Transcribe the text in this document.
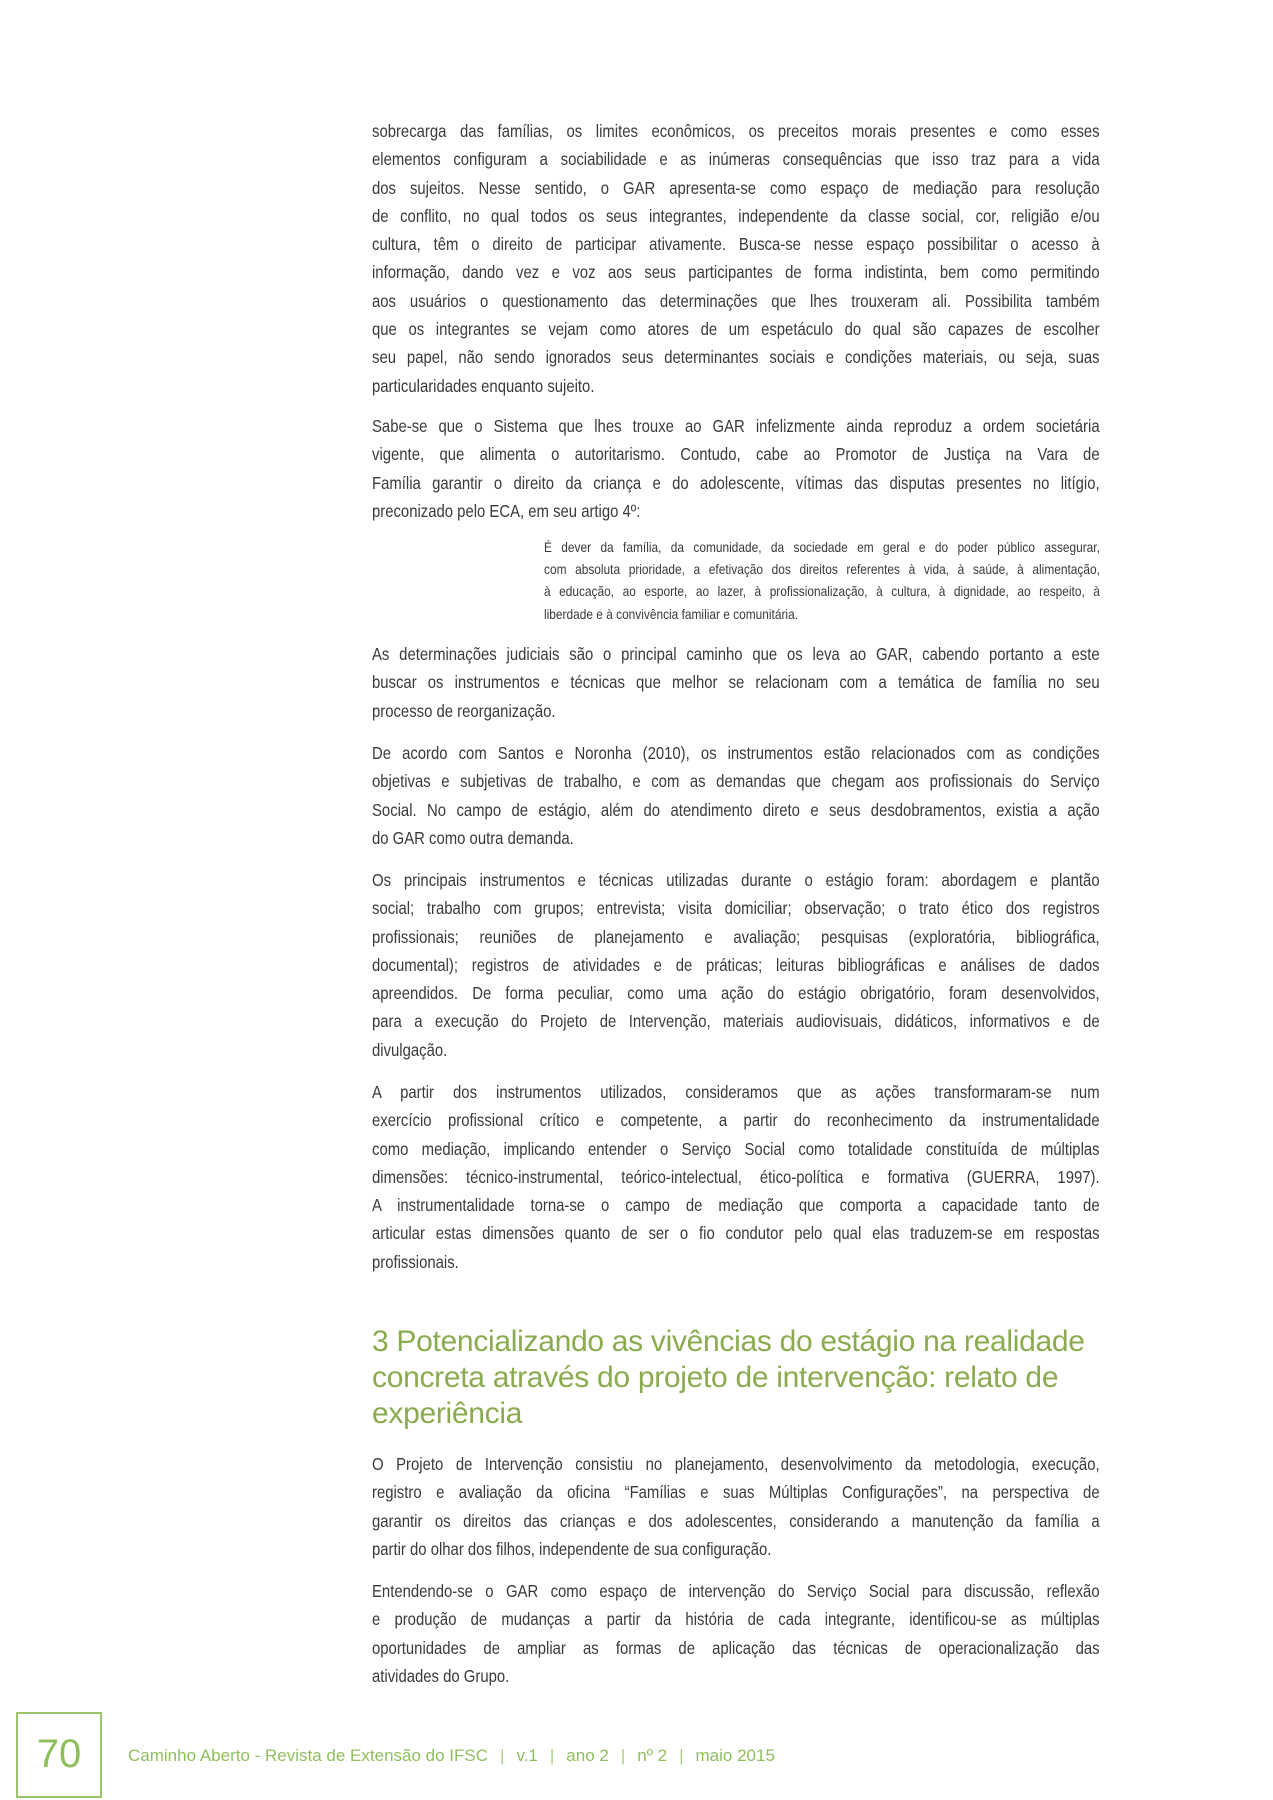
sobrecarga das famílias, os limites econômicos, os preceitos morais presentes e como esses
elementos configuram a sociabilidade e as inúmeras consequências que isso traz para a vida
dos sujeitos. Nesse sentido, o GAR apresenta-se como espaço de mediação para resolução
de conflito, no qual todos os seus integrantes, independente da classe social, cor, religião e/ou
cultura, têm o direito de participar ativamente. Busca-se nesse espaço possibilitar o acesso à
informação, dando vez e voz aos seus participantes de forma indistinta, bem como permitindo
aos usuários o questionamento das determinações que lhes trouxeram ali. Possibilita também
que os integrantes se vejam como atores de um espetáculo do qual são capazes de escolher
seu papel, não sendo ignorados seus determinantes sociais e condições materiais, ou seja, suas
particularidades enquanto sujeito.
Sabe-se que o Sistema que lhes trouxe ao GAR infelizmente ainda reproduz a ordem societária
vigente, que alimenta o autoritarismo. Contudo, cabe ao Promotor de Justiça na Vara de
Família garantir o direito da criança e do adolescente, vítimas das disputas presentes no litígio,
preconizado pelo ECA, em seu artigo 4º:
As determinações judiciais são o principal caminho que os leva ao GAR, cabendo portanto a este
buscar os instrumentos e técnicas que melhor se relacionam com a temática de família no seu
processo de reorganização.
De acordo com Santos e Noronha (2010), os instrumentos estão relacionados com as condições
objetivas e subjetivas de trabalho, e com as demandas que chegam aos profissionais do Serviço
Social. No campo de estágio, além do atendimento direto e seus desdobramentos, existia a ação
do GAR como outra demanda.
Os principais instrumentos e técnicas utilizadas durante o estágio foram: abordagem e plantão
social; trabalho com grupos; entrevista; visita domiciliar; observação; o trato ético dos registros
profissionais; reuniões de planejamento e avaliação; pesquisas (exploratória, bibliográfica,
documental); registros de atividades e de práticas; leituras bibliográficas e análises de dados
apreendidos. De forma peculiar, como uma ação do estágio obrigatório, foram desenvolvidos,
para a execução do Projeto de Intervenção, materiais audiovisuais, didáticos, informativos e de
divulgação.
A partir dos instrumentos utilizados, consideramos que as ações transformaram-se num
exercício profissional crítico e competente, a partir do reconhecimento da instrumentalidade
como mediação, implicando entender o Serviço Social como totalidade constituída de múltiplas
dimensões: técnico-instrumental, teórico-intelectual, ético-política e formativa (GUERRA, 1997).
A instrumentalidade torna-se o campo de mediação que comporta a capacidade tanto de
articular estas dimensões quanto de ser o fio condutor pelo qual elas traduzem-se em respostas
profissionais.
O Projeto de Intervenção consistiu no planejamento, desenvolvimento da metodologia, execução,
registro e avaliação da oficina “Famílias e suas Múltiplas Configurações”, na perspectiva de
garantir os direitos das crianças e dos adolescentes, considerando a manutenção da família a
partir do olhar dos filhos, independente de sua configuração.
Entendendo-se o GAR como espaço de intervenção do Serviço Social para discussão, reflexão
e produção de mudanças a partir da história de cada integrante, identificou-se as múltiplas
oportunidades de ampliar as formas de aplicação das técnicas de operacionalização das
atividades do Grupo.
É dever da família, da comunidade, da sociedade em geral e do poder público assegurar,
com absoluta prioridade, a efetivação dos direitos referentes à vida, à saúde, à alimentação,
à educação, ao esporte, ao lazer, à profissionalização, à cultura, à dignidade, ao respeito, à
liberdade e à convivência familiar e comunitária.
3 Potencializando as vivências do estágio na realidade
concreta através do projeto de intervenção: relato de
experiência
70	Caminho Aberto - Revista de Extensão do IFSC | v.1 | ano 2 | nº 2 | maio 2015
